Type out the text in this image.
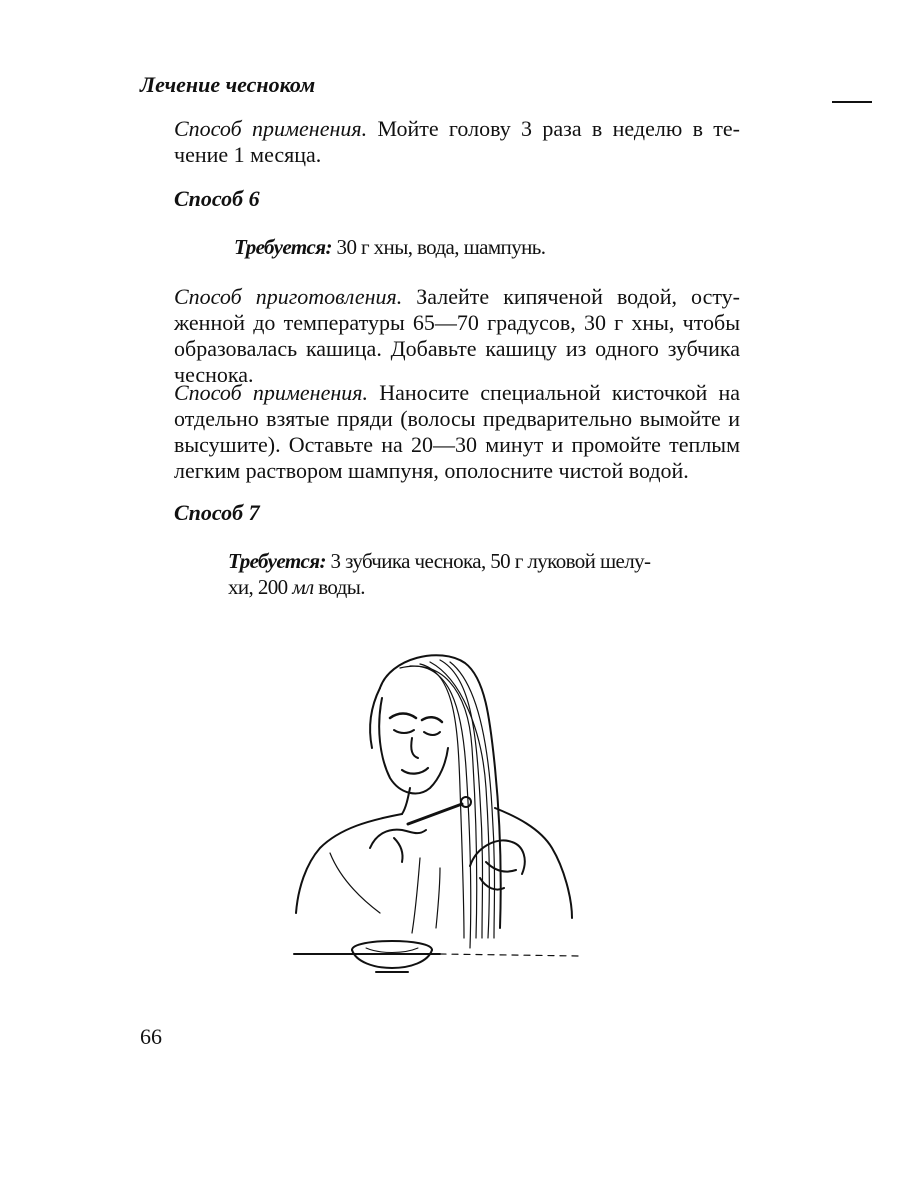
Лечение чесноком
Способ применения. Мойте голову 3 раза в неделю в те-
чение 1 месяца.
Способ 6
Требуется: 30 г хны, вода, шампунь.
Способ приготовления. Залейте кипяченой водой, осту-
женной до температуры 65—70 градусов, 30 г хны, чтобы
образовалась кашица. Добавьте кашицу из одного зубчика
чеснока.
Способ применения. Наносите специальной кисточкой на
отдельно взятые пряди (волосы предварительно вымойте и
высушите). Оставьте на 20—30 минут и промойте теплым
легким раствором шампуня, ополосните чистой водой.
Способ 7
Требуется: 3 зубчика чеснока, 50 г луковой шелу-
хи, 200 мл воды.
66
